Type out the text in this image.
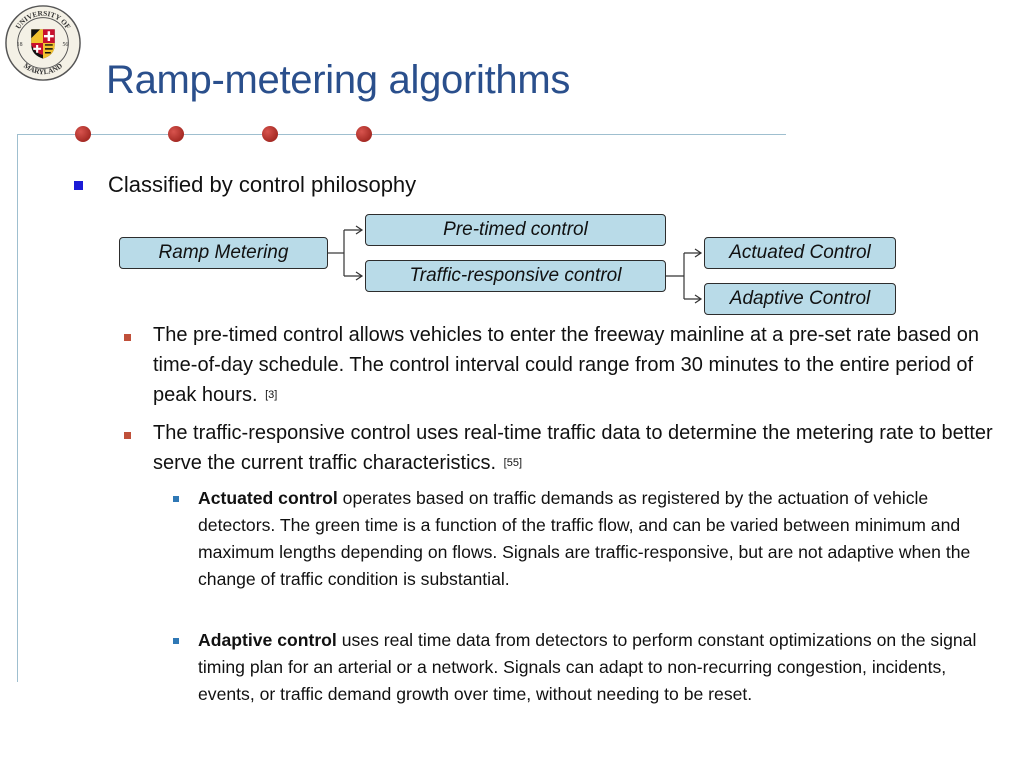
UNIVERSITY OF
MARYLAND
18	56
Ramp-metering algorithms
Classified by control philosophy
Ramp Metering
Pre-timed control
Traffic-responsive control
Actuated Control
Adaptive Control
The pre-timed control allows vehicles to enter the freeway mainline at a pre-set rate based on time-of-day schedule. The control interval could range from 30 minutes to the entire period of peak hours. [3]
The traffic-responsive control uses real-time traffic data to determine the metering rate to better serve the current traffic characteristics. [55]
Actuated control operates based on traffic demands as registered by the actuation of vehicle detectors. The green time is a function of the traffic flow, and can be varied between minimum and maximum lengths depending on flows. Signals are traffic-responsive, but are not adaptive when the change of traffic condition is substantial.
Adaptive control uses real time data from detectors to perform constant optimizations on the signal timing plan for an arterial or a network. Signals can adapt to non-recurring congestion, incidents, events, or traffic demand growth over time, without needing to be reset.
